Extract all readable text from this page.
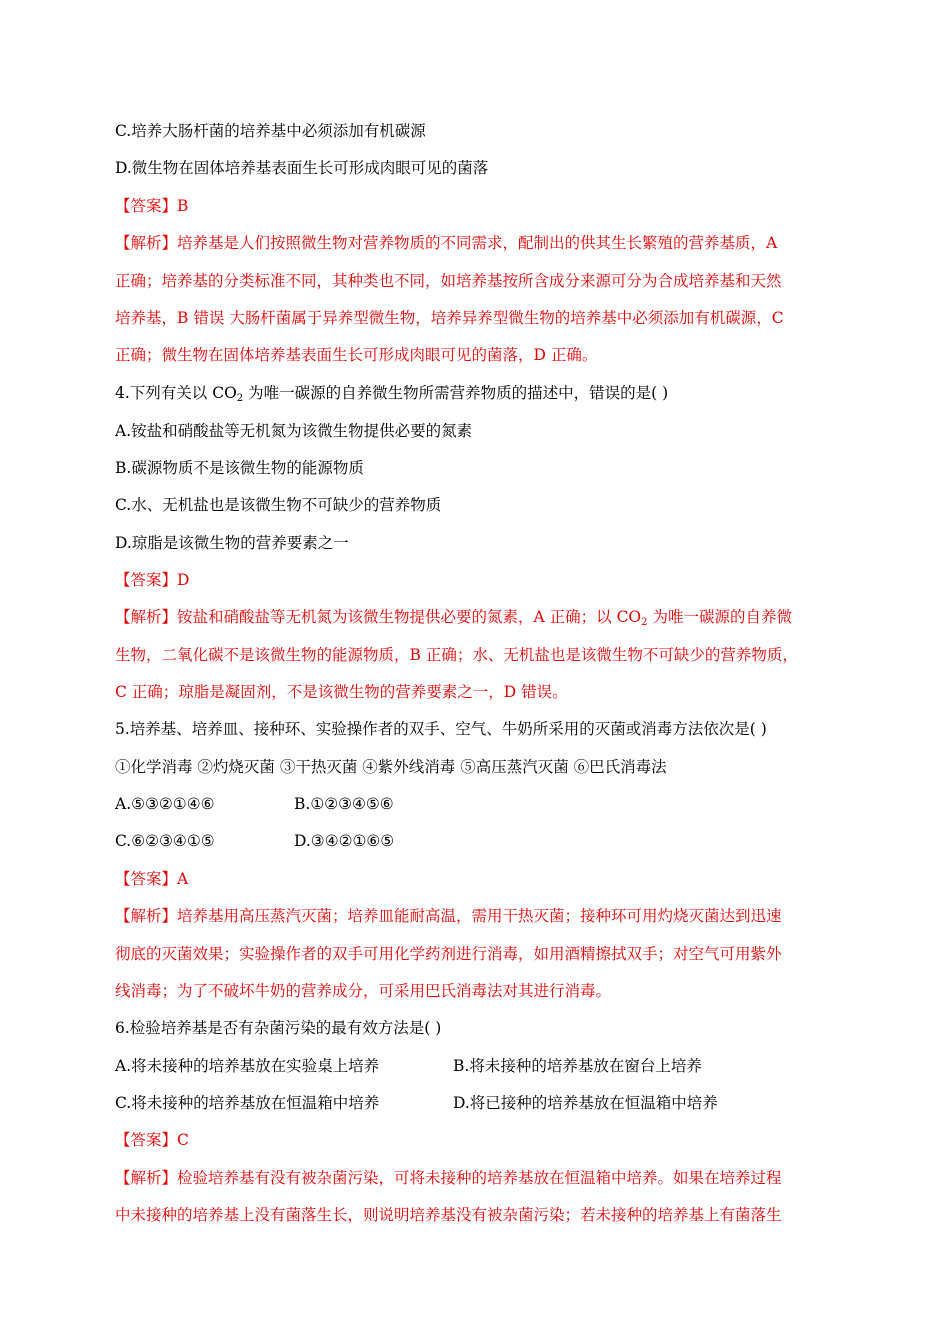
C.培养大肠杆菌的培养基中必须添加有机碳源
D.微生物在固体培养基表面生长可形成肉眼可见的菌落
【答案】B
【解析】培养基是人们按照微生物对营养物质的不同需求，配制出的供其生长繁殖的营养基质，A
正确；培养基的分类标准不同，其种类也不同，如培养基按所含成分来源可分为合成培养基和天然
培养基，B 错误 大肠杆菌属于异养型微生物，培养异养型微生物的培养基中必须添加有机碳源，C
正确；微生物在固体培养基表面生长可形成肉眼可见的菌落，D 正确。
4.下列有关以 $CO_2$ 为唯一碳源的自养微生物所需营养物质的描述中，错误的是( )
A.铵盐和硝酸盐等无机氮为该微生物提供必要的氮素
B.碳源物质不是该微生物的能源物质
C.水、无机盐也是该微生物不可缺少的营养物质
D.琼脂是该微生物的营养要素之一
【答案】D
【解析】铵盐和硝酸盐等无机氮为该微生物提供必要的氮素，A 正确；以 $CO_2$ 为唯一碳源的自养微
生物，二氧化碳不是该微生物的能源物质，B 正确；水、无机盐也是该微生物不可缺少的营养物质，
C 正确；琼脂是凝固剂，不是该微生物的营养要素之一，D 错误。
5.培养基、培养皿、接种环、实验操作者的双手、空气、牛奶所采用的灭菌或消毒方法依次是( )
①化学消毒 ②灼烧灭菌 ③干热灭菌 ④紫外线消毒 ⑤高压蒸汽灭菌 ⑥巴氏消毒法
A.⑤③②①④⑥	B.①②③④⑤⑥
C.⑥②③④①⑤	D.③④②①⑥⑤
【答案】A
【解析】培养基用高压蒸汽灭菌；培养皿能耐高温，需用干热灭菌；接种环可用灼烧灭菌达到迅速
彻底的灭菌效果；实验操作者的双手可用化学药剂进行消毒，如用酒精擦拭双手；对空气可用紫外
线消毒；为了不破坏牛奶的营养成分，可采用巴氏消毒法对其进行消毒。
6.检验培养基是否有杂菌污染的最有效方法是( )
A.将未接种的培养基放在实验桌上培养	B.将未接种的培养基放在窗台上培养
C.将未接种的培养基放在恒温箱中培养	D.将已接种的培养基放在恒温箱中培养
【答案】C
【解析】检验培养基有没有被杂菌污染，可将未接种的培养基放在恒温箱中培养。如果在培养过程
中未接种的培养基上没有菌落生长，则说明培养基没有被杂菌污染；若未接种的培养基上有菌落生
